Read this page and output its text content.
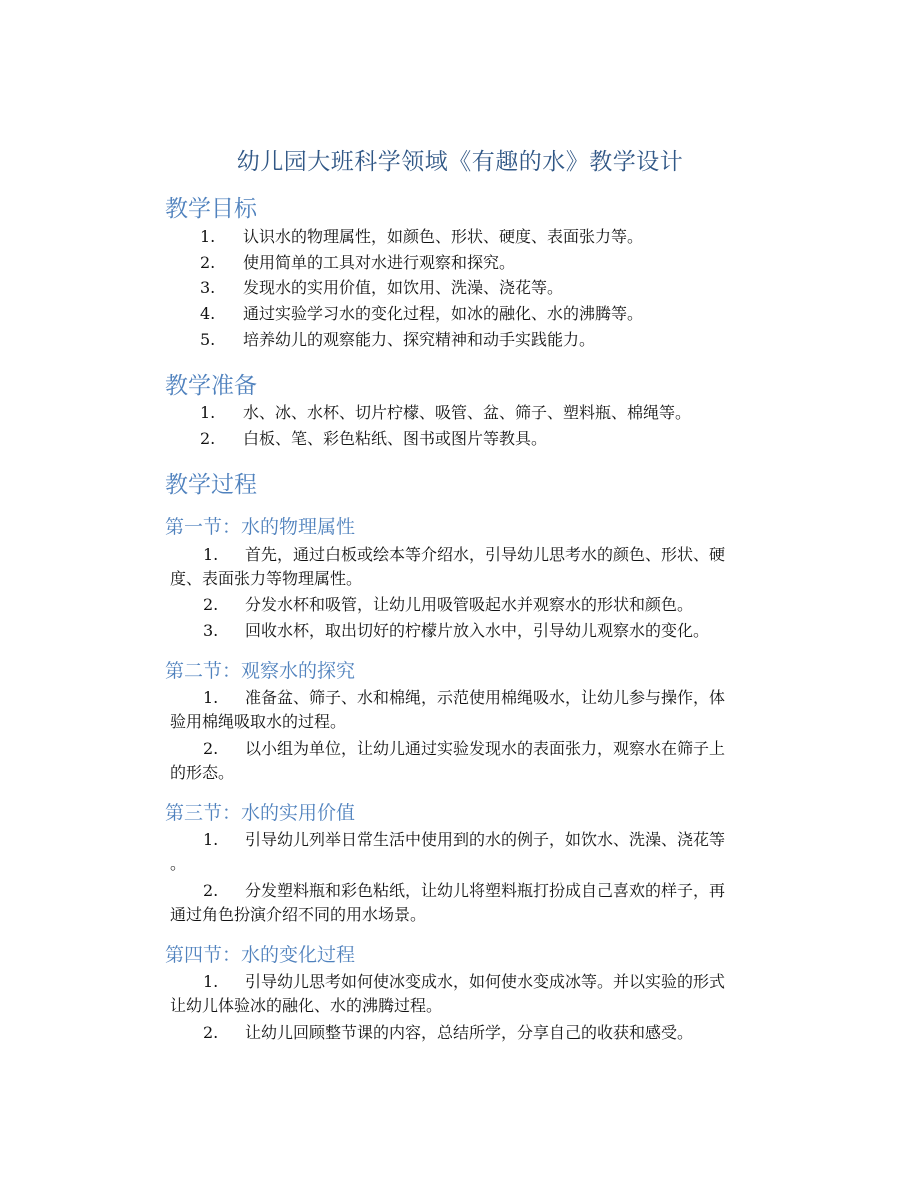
幼儿园大班科学领域《有趣的水》教学设计
教学目标
1. 认识水的物理属性，如颜色、形状、硬度、表面张力等。
2. 使用简单的工具对水进行观察和探究。
3. 发现水的实用价值，如饮用、洗澡、浇花等。
4. 通过实验学习水的变化过程，如冰的融化、水的沸腾等。
5. 培养幼儿的观察能力、探究精神和动手实践能力。
教学准备
1. 水、冰、水杯、切片柠檬、吸管、盆、筛子、塑料瓶、棉绳等。
2. 白板、笔、彩色粘纸、图书或图片等教具。
教学过程
第一节：水的物理属性
1. 首先，通过白板或绘本等介绍水，引导幼儿思考水的颜色、形状、硬
度、表面张力等物理属性。
2. 分发水杯和吸管，让幼儿用吸管吸起水并观察水的形状和颜色。
3. 回收水杯，取出切好的柠檬片放入水中，引导幼儿观察水的变化。
第二节：观察水的探究
1. 准备盆、筛子、水和棉绳，示范使用棉绳吸水，让幼儿参与操作，体
验用棉绳吸取水的过程。
2. 以小组为单位，让幼儿通过实验发现水的表面张力，观察水在筛子上
的形态。
第三节：水的实用价值
1. 引导幼儿列举日常生活中使用到的水的例子，如饮水、洗澡、浇花等
。
2. 分发塑料瓶和彩色粘纸，让幼儿将塑料瓶打扮成自己喜欢的样子，再
通过角色扮演介绍不同的用水场景。
第四节：水的变化过程
1. 引导幼儿思考如何使冰变成水，如何使水变成冰等。并以实验的形式
让幼儿体验冰的融化、水的沸腾过程。
2. 让幼儿回顾整节课的内容，总结所学，分享自己的收获和感受。
